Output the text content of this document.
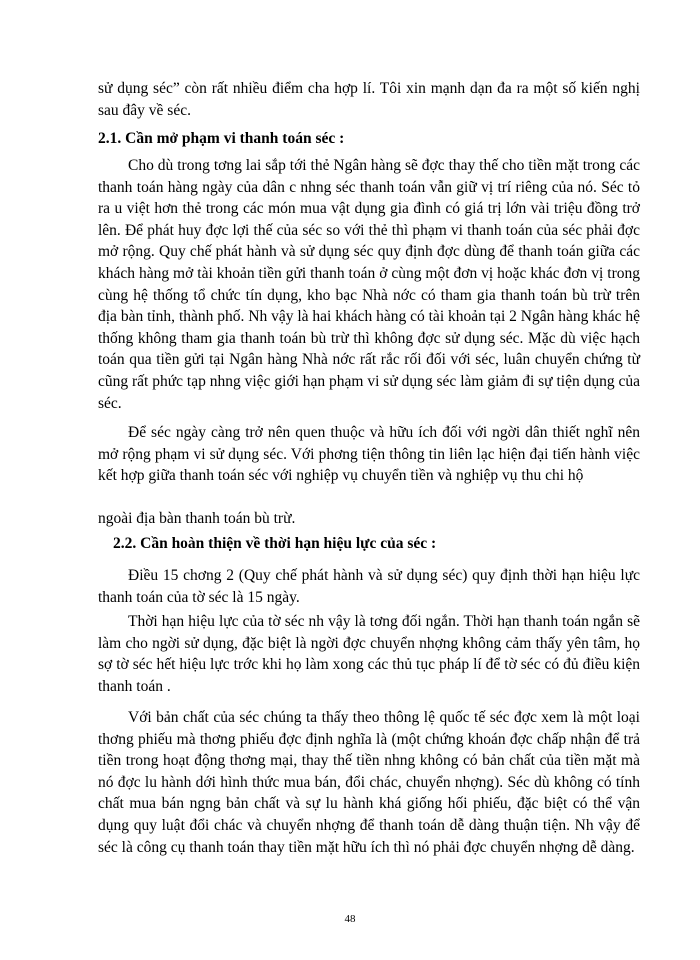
sử dụng séc” còn rất nhiều điểm cha hợp lí. Tôi xin mạnh dạn đa ra một số kiến nghị sau đây về séc.

2.1. Cần mở phạm vi thanh toán séc :

Cho dù trong tơng lai sắp tới thẻ Ngân hàng sẽ đợc thay thế cho tiền mặt trong các thanh toán hàng ngày của dân c nhng séc thanh toán vẫn giữ vị trí riêng của nó. Séc tỏ ra u việt hơn thẻ trong các món mua vật dụng gia đình có giá trị lớn vài triệu đồng trở lên. Để phát huy đợc lợi thế của séc so với thẻ thì phạm vi thanh toán của séc phải đợc mở rộng. Quy chế phát hành và sử dụng séc quy định đợc dùng để thanh toán giữa các khách hàng mở tài khoản tiền gửi thanh toán ở cùng một đơn vị hoặc khác đơn vị trong cùng hệ thống tổ chức tín dụng, kho bạc Nhà nớc có tham gia thanh toán bù trừ trên địa bàn tỉnh, thành phố. Nh vậy là hai khách hàng có tài khoản tại 2 Ngân hàng khác hệ thống không tham gia thanh toán bù trừ thì không đợc sử dụng séc. Mặc dù việc hạch toán qua tiền gửi tại Ngân hàng Nhà nớc rất rắc rối đối với séc, luân chuyển chứng từ cũng rất phức tạp nhng việc giới hạn phạm vi sử dụng séc làm giảm đi sự tiện dụng của séc.

Để séc ngày càng trở nên quen thuộc và hữu ích đối với ngời dân thiết nghĩ nên mở rộng phạm vi sử dụng séc. Với phơng tiện thông tin liên lạc hiện đại tiến hành việc kết hợp giữa thanh toán séc với nghiệp vụ chuyển tiền và nghiệp vụ thu chi hộ

ngoài địa bàn thanh toán bù trừ.

2.2. Cần hoàn thiện về thời hạn hiệu lực của séc :

Điều 15 chơng 2 (Quy chế phát hành và sử dụng séc) quy định thời hạn hiệu lực thanh toán của tờ séc là 15 ngày.

Thời hạn hiệu lực của tờ séc nh vậy là tơng đối ngắn. Thời hạn thanh toán ngắn sẽ làm cho ngời sử dụng, đặc biệt là ngời đợc chuyển nhợng không cảm thấy yên tâm, họ sợ tờ séc hết hiệu lực trớc khi họ làm xong các thủ tục pháp lí để tờ séc có đủ điều kiện thanh toán .

Với bản chất của séc chúng ta thấy theo thông lệ quốc tế séc đợc xem là một loại thơng phiếu mà thơng phiếu đợc định nghĩa là (một chứng khoán đợc chấp nhận để trả tiền trong hoạt động thơng mại, thay thế tiền nhng không có bản chất của tiền mặt mà nó đợc lu hành dới hình thức mua bán, đổi chác, chuyển nhợng). Séc dù không có tính chất mua bán ngng bản chất và sự lu hành khá giống hối phiếu, đặc biệt có thể vận dụng quy luật đổi chác và chuyển nhợng để thanh toán dễ dàng thuận tiện. Nh vậy để séc là công cụ thanh toán thay tiền mặt hữu ích thì nó phải đợc chuyển nhợng dễ dàng.

48
